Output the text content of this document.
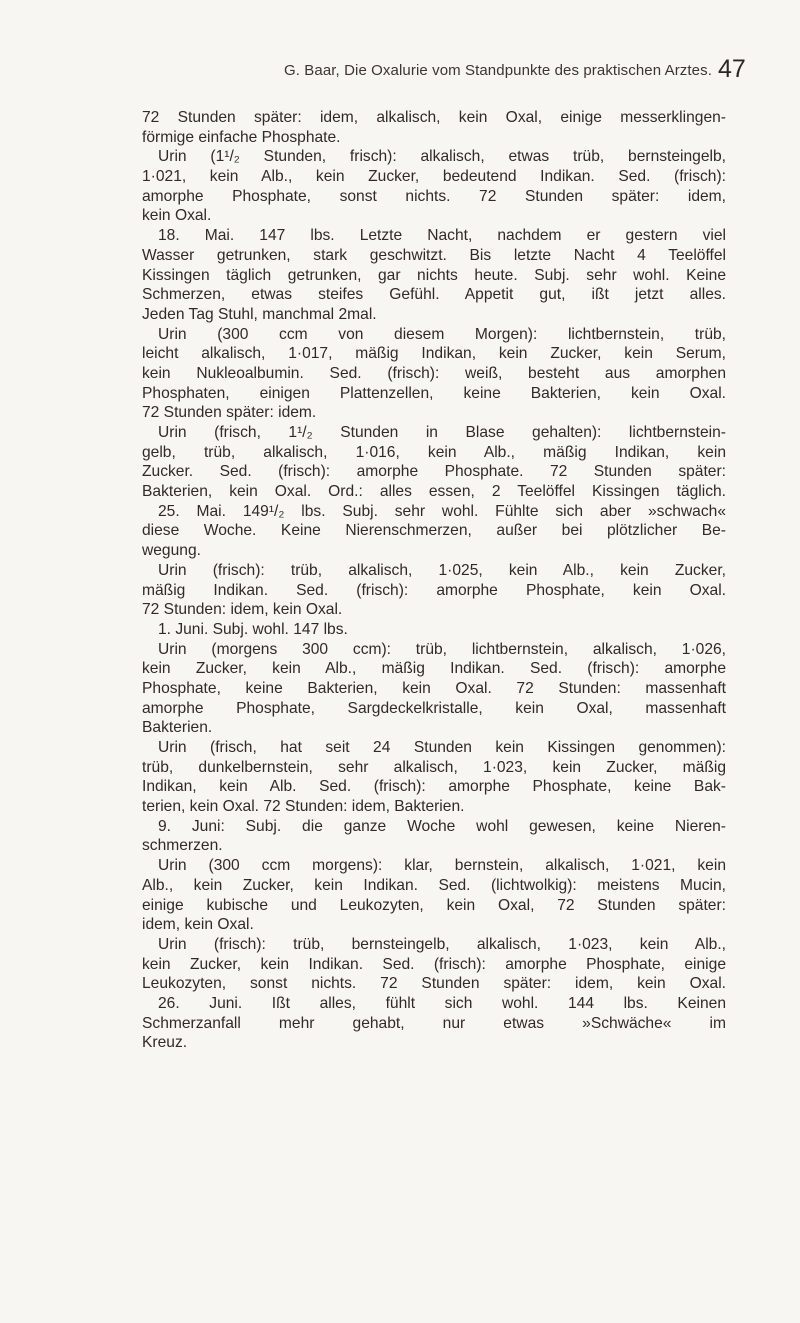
G. Baar, Die Oxalurie vom Standpunkte des praktischen Arztes. 47
72 Stunden später: idem, alkalisch, kein Oxal, einige messerklingen-
förmige einfache Phosphate.
Urin (1¹/₂ Stunden, frisch): alkalisch, etwas trüb, bernsteingelb,
1·021, kein Alb., kein Zucker, bedeutend Indikan. Sed. (frisch):
amorphe Phosphate, sonst nichts. 72 Stunden später: idem,
kein Oxal.
18. Mai. 147 lbs. Letzte Nacht, nachdem er gestern viel
Wasser getrunken, stark geschwitzt. Bis letzte Nacht 4 Teelöffel
Kissingen täglich getrunken, gar nichts heute. Subj. sehr wohl. Keine
Schmerzen, etwas steifes Gefühl. Appetit gut, ißt jetzt alles.
Jeden Tag Stuhl, manchmal 2mal.
Urin (300 ccm von diesem Morgen): lichtbernstein, trüb,
leicht alkalisch, 1·017, mäßig Indikan, kein Zucker, kein Serum,
kein Nukleoalbumin. Sed. (frisch): weiß, besteht aus amorphen
Phosphaten, einigen Plattenzellen, keine Bakterien, kein Oxal.
72 Stunden später: idem.
Urin (frisch, 1¹/₂ Stunden in Blase gehalten): lichtbernstein-
gelb, trüb, alkalisch, 1·016, kein Alb., mäßig Indikan, kein
Zucker. Sed. (frisch): amorphe Phosphate. 72 Stunden später:
Bakterien, kein Oxal. Ord.: alles essen, 2 Teelöffel Kissingen täglich.
25. Mai. 149¹/₂ lbs. Subj. sehr wohl. Fühlte sich aber »schwach«
diese Woche. Keine Nierenschmerzen, außer bei plötzlicher Be-
wegung.
Urin (frisch): trüb, alkalisch, 1·025, kein Alb., kein Zucker,
mäßig Indikan. Sed. (frisch): amorphe Phosphate, kein Oxal.
72 Stunden: idem, kein Oxal.
1. Juni. Subj. wohl. 147 lbs.
Urin (morgens 300 ccm): trüb, lichtbernstein, alkalisch, 1·026,
kein Zucker, kein Alb., mäßig Indikan. Sed. (frisch): amorphe
Phosphate, keine Bakterien, kein Oxal. 72 Stunden: massenhaft
amorphe Phosphate, Sargdeckelkristalle, kein Oxal, massenhaft
Bakterien.
Urin (frisch, hat seit 24 Stunden kein Kissingen genommen):
trüb, dunkelbernstein, sehr alkalisch, 1·023, kein Zucker, mäßig
Indikan, kein Alb. Sed. (frisch): amorphe Phosphate, keine Bak-
terien, kein Oxal. 72 Stunden: idem, Bakterien.
9. Juni: Subj. die ganze Woche wohl gewesen, keine Nieren-
schmerzen.
Urin (300 ccm morgens): klar, bernstein, alkalisch, 1·021, kein
Alb., kein Zucker, kein Indikan. Sed. (lichtwolkig): meistens Mucin,
einige kubische und Leukozyten, kein Oxal, 72 Stunden später:
idem, kein Oxal.
Urin (frisch): trüb, bernsteingelb, alkalisch, 1·023, kein Alb.,
kein Zucker, kein Indikan. Sed. (frisch): amorphe Phosphate, einige
Leukozyten, sonst nichts. 72 Stunden später: idem, kein Oxal.
26. Juni. Ißt alles, fühlt sich wohl. 144 lbs. Keinen
Schmerzanfall mehr gehabt, nur etwas »Schwäche« im
Kreuz.
